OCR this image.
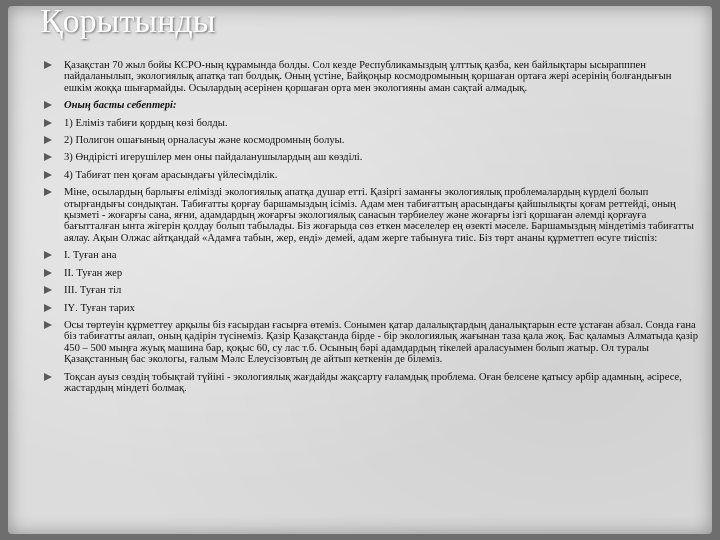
Қорытынды
Қазақстан 70 жыл бойы КСРО-ның құрамында болды. Сол кезде Республикамыздың ұлттық қазба, кен байлықтары ысырапппен пайдаланылып, экологиялық апатқа тап болдық. Оның үстіне, Байқоңыр космодромының қоршаған ортаға жері әсерінің болғандығын ешкім жоққа шығармайды. Осылардың әсерінен қоршаған орта мен экологияны аман сақтай алмадық.
Оның басты себептері:
1) Еліміз табиғи қордың көзі болды.
2) Полигон ошағының орналасуы және космодромның болуы.
3) Өндірісті игерушілер мен оны пайдаланушылардың аш көзділі.
4) Табиғат пен қоғам арасындағы үйлесімділік.
Міне, осылардың барлығы елімізді экологиялық апатқа душар етті. Қазіргі заманғы экологиялық проблемалардың күрделі болып отырғандығы сондықтан. Табиғатты қорғау баршамыздың ісіміз. Адам мен табиғаттың арасындағы қайшылықты қоғам реттейді, оның қызметі - жоғарғы сана, яғни, адамдардың жоғарғы экологиялық санасын тәрбиелеу және жоғарғы ізгі қоршаған әлемді қорғауға бағытталған ынта жігерін қолдау болып табылады. Біз жоғарыда сөз еткен мәселелер ең өзекті мәселе. Баршамыздың міндетіміз табиғатты аялау. Ақын Олжас айтқандай «Адамға табын, жер, енді» демей, адам жерге табынуға тиіс. Біз төрт ананы құрметтеп өсуге тиіспіз:
І. Туған ана
ІІ. Туған жер
ІІІ. Туған тіл
ІҮ. Туған тарих
Осы төртеуін құрметтеу арқылы біз ғасырдан ғасырға өтеміз. Сонымен қатар далалықтардың даналықтарын есте ұстаған абзал. Сонда ғана біз табиғатты аялап, оның қадірін түсінеміз. Қазір Қазақстанда бірде - бір экологиялық жағынан таза қала жоқ. Бас қаламыз Алматыда қазір 450 – 500 мыңға жуық машина бар, қоқыс 60, су лас т.б. Осының бәрі адамдардың тікелей араласуымен болып жатыр. Ол туралы Қазақстанның бас экологы, ғалым Мәлс Елеусізовтың де айтып кеткенін де білеміз.
Тоқсан ауыз сөздің тобықтай түйіні - экологиялық жағдайды жақсарту ғаламдық проблема. Оған белсене қатысу әрбір адамның, әсіресе, жастардың міндеті болмақ.
